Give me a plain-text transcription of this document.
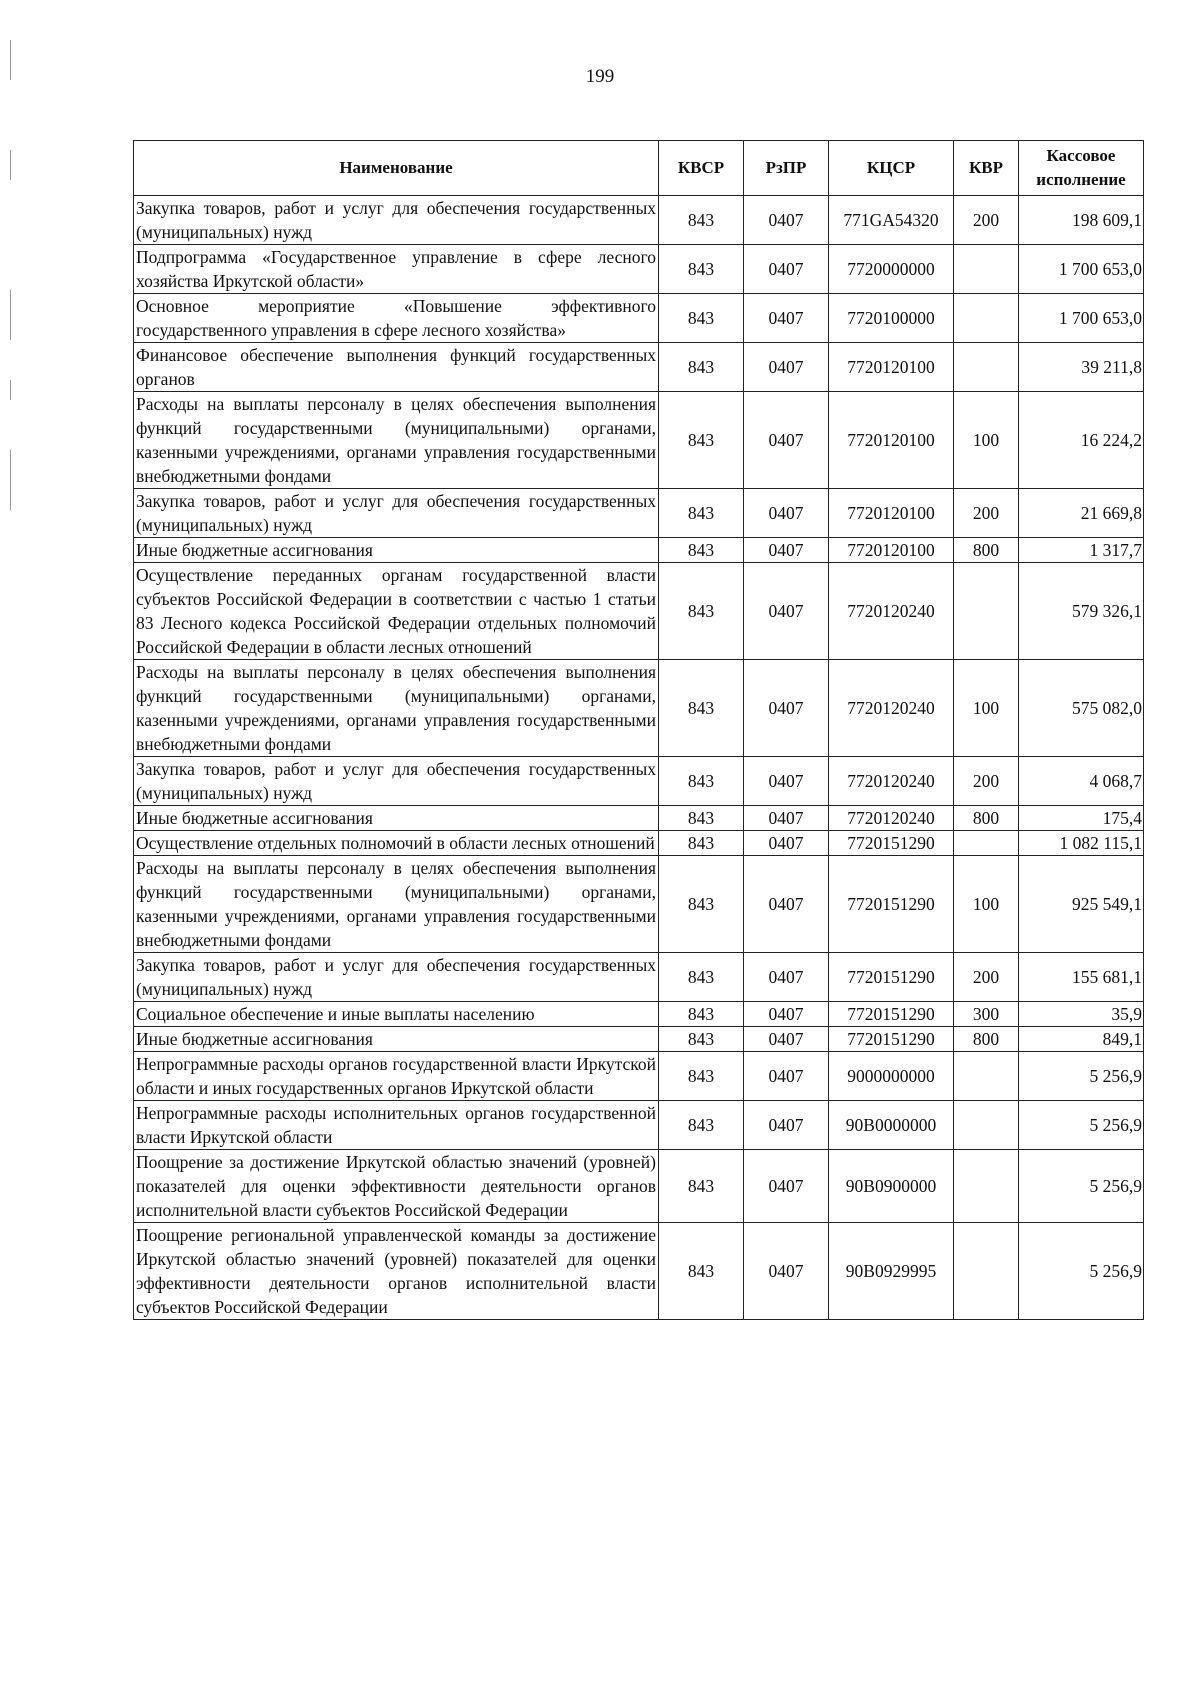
199
Наименование	КВСР	РзПР	КЦСР	КВР	Кассовое исполнение
Закупка товаров, работ и услуг для обеспечения государственных (муниципальных) нужд	843	0407	771GA54320	200	198 609,1
Подпрограмма «Государственное управление в сфере лесного хозяйства Иркутской области»	843	0407	7720000000		1 700 653,0
Основное мероприятие «Повышение эффективного государственного управления в сфере лесного хозяйства»	843	0407	7720100000		1 700 653,0
Финансовое обеспечение выполнения функций государственных органов	843	0407	7720120100		39 211,8
Расходы на выплаты персоналу в целях обеспечения выполнения функций государственными (муниципальными) органами, казенными учреждениями, органами управления государственными внебюджетными фондами	843	0407	7720120100	100	16 224,2
Закупка товаров, работ и услуг для обеспечения государственных (муниципальных) нужд	843	0407	7720120100	200	21 669,8
Иные бюджетные ассигнования	843	0407	7720120100	800	1 317,7
Осуществление переданных органам государственной власти субъектов Российской Федерации в соответствии с частью 1 статьи 83 Лесного кодекса Российской Федерации отдельных полномочий Российской Федерации в области лесных отношений	843	0407	7720120240		579 326,1
Расходы на выплаты персоналу в целях обеспечения выполнения функций государственными (муниципальными) органами, казенными учреждениями, органами управления государственными внебюджетными фондами	843	0407	7720120240	100	575 082,0
Закупка товаров, работ и услуг для обеспечения государственных (муниципальных) нужд	843	0407	7720120240	200	4 068,7
Иные бюджетные ассигнования	843	0407	7720120240	800	175,4
Осуществление отдельных полномочий в области лесных отношений	843	0407	7720151290		1 082 115,1
Расходы на выплаты персоналу в целях обеспечения выполнения функций государственными (муниципальными) органами, казенными учреждениями, органами управления государственными внебюджетными фондами	843	0407	7720151290	100	925 549,1
Закупка товаров, работ и услуг для обеспечения государственных (муниципальных) нужд	843	0407	7720151290	200	155 681,1
Социальное обеспечение и иные выплаты населению	843	0407	7720151290	300	35,9
Иные бюджетные ассигнования	843	0407	7720151290	800	849,1
Непрограммные расходы органов государственной власти Иркутской области и иных государственных органов Иркутской области	843	0407	9000000000		5 256,9
Непрограммные расходы исполнительных органов государственной власти Иркутской области	843	0407	90В0000000		5 256,9
Поощрение за достижение Иркутской областью значений (уровней) показателей для оценки эффективности деятельности органов исполнительной власти субъектов Российской Федерации	843	0407	90В0900000		5 256,9
Поощрение региональной управленческой команды за достижение Иркутской областью значений (уровней) показателей для оценки эффективности деятельности органов исполнительной власти субъектов Российской Федерации	843	0407	90В0929995		5 256,9
